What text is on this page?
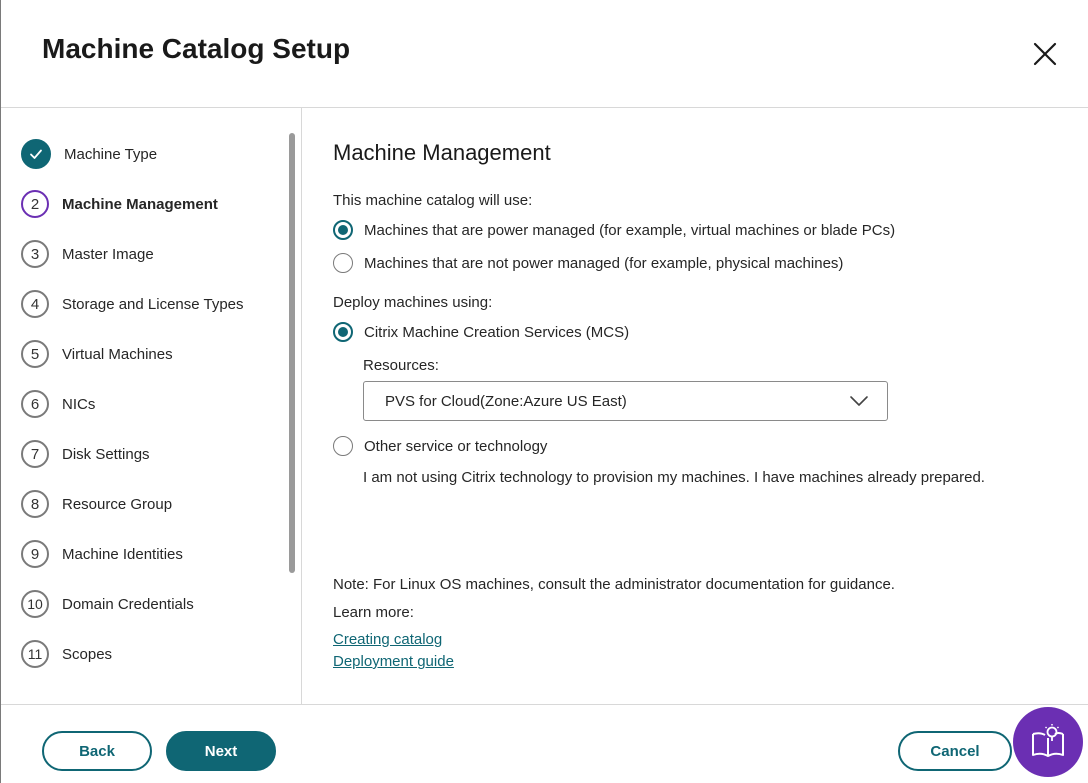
Machine Catalog Setup
Machine Type
2	Machine Management
3	Master Image
4	Storage and License Types
5	Virtual Machines
6	NICs
7	Disk Settings
8	Resource Group
9	Machine Identities
10	Domain Credentials
11	Scopes
Machine Management
This machine catalog will use:
Machines that are power managed (for example, virtual machines or blade PCs)
Machines that are not power managed (for example, physical machines)
Deploy machines using:
Citrix Machine Creation Services (MCS)
Resources:
PVS for Cloud(Zone:Azure US East)
Other service or technology
I am not using Citrix technology to provision my machines. I have machines already prepared.
Note: For Linux OS machines, consult the administrator documentation for guidance.
Learn more:
Creating catalog
Deployment guide
Back	Next	Cancel
